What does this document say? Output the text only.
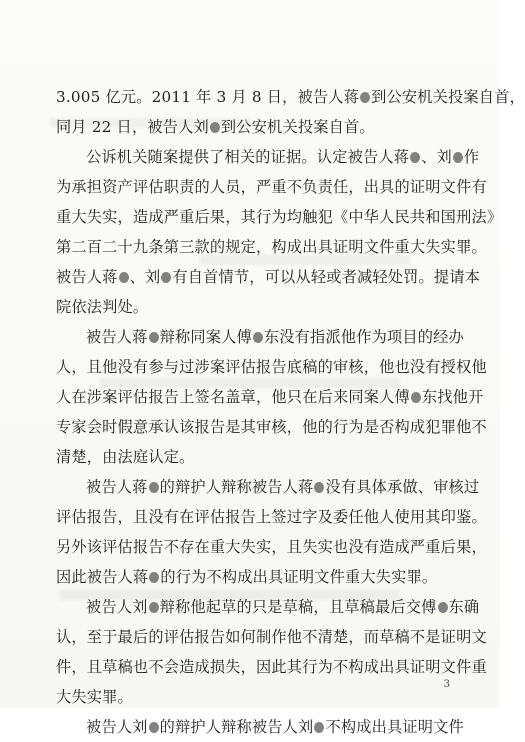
3.005 亿元。2011 年 3 月 8 日，被告人蒋 到公安机关投案自首，
同月 22 日，被告人刘 到公安机关投案自首。
公诉机关随案提供了相关的证据。认定被告人蒋 、刘 作
为承担资产评估职责的人员，严重不负责任，出具的证明文件有
重大失实，造成严重后果，其行为均触犯《中华人民共和国刑法》
第二百二十九条第三款的规定，构成出具证明文件重大失实罪。
被告人蒋 、刘 有自首情节，可以从轻或者减轻处罚。提请本
院依法判处。
被告人蒋 辩称同案人傅 东没有指派他作为项目的经办
人，且他没有参与过涉案评估报告底稿的审核，他也没有授权他
人在涉案评估报告上签名盖章，他只在后来同案人傅 东找他开
专家会时假意承认该报告是其审核，他的行为是否构成犯罪他不
清楚，由法庭认定。
被告人蒋 的辩护人辩称被告人蒋 没有具体承做、审核过
评估报告，且没有在评估报告上签过字及委任他人使用其印鉴。
另外该评估报告不存在重大失实，且失实也没有造成严重后果，
因此被告人蒋 的行为不构成出具证明文件重大失实罪。
被告人刘 辩称他起草的只是草稿，且草稿最后交傅 东确
认，至于最后的评估报告如何制作他不清楚，而草稿不是证明文
件，且草稿也不会造成损失，因此其行为不构成出具证明文件重
大失实罪。
被告人刘 的辩护人辩称被告人刘 不构成出具证明文件
3
